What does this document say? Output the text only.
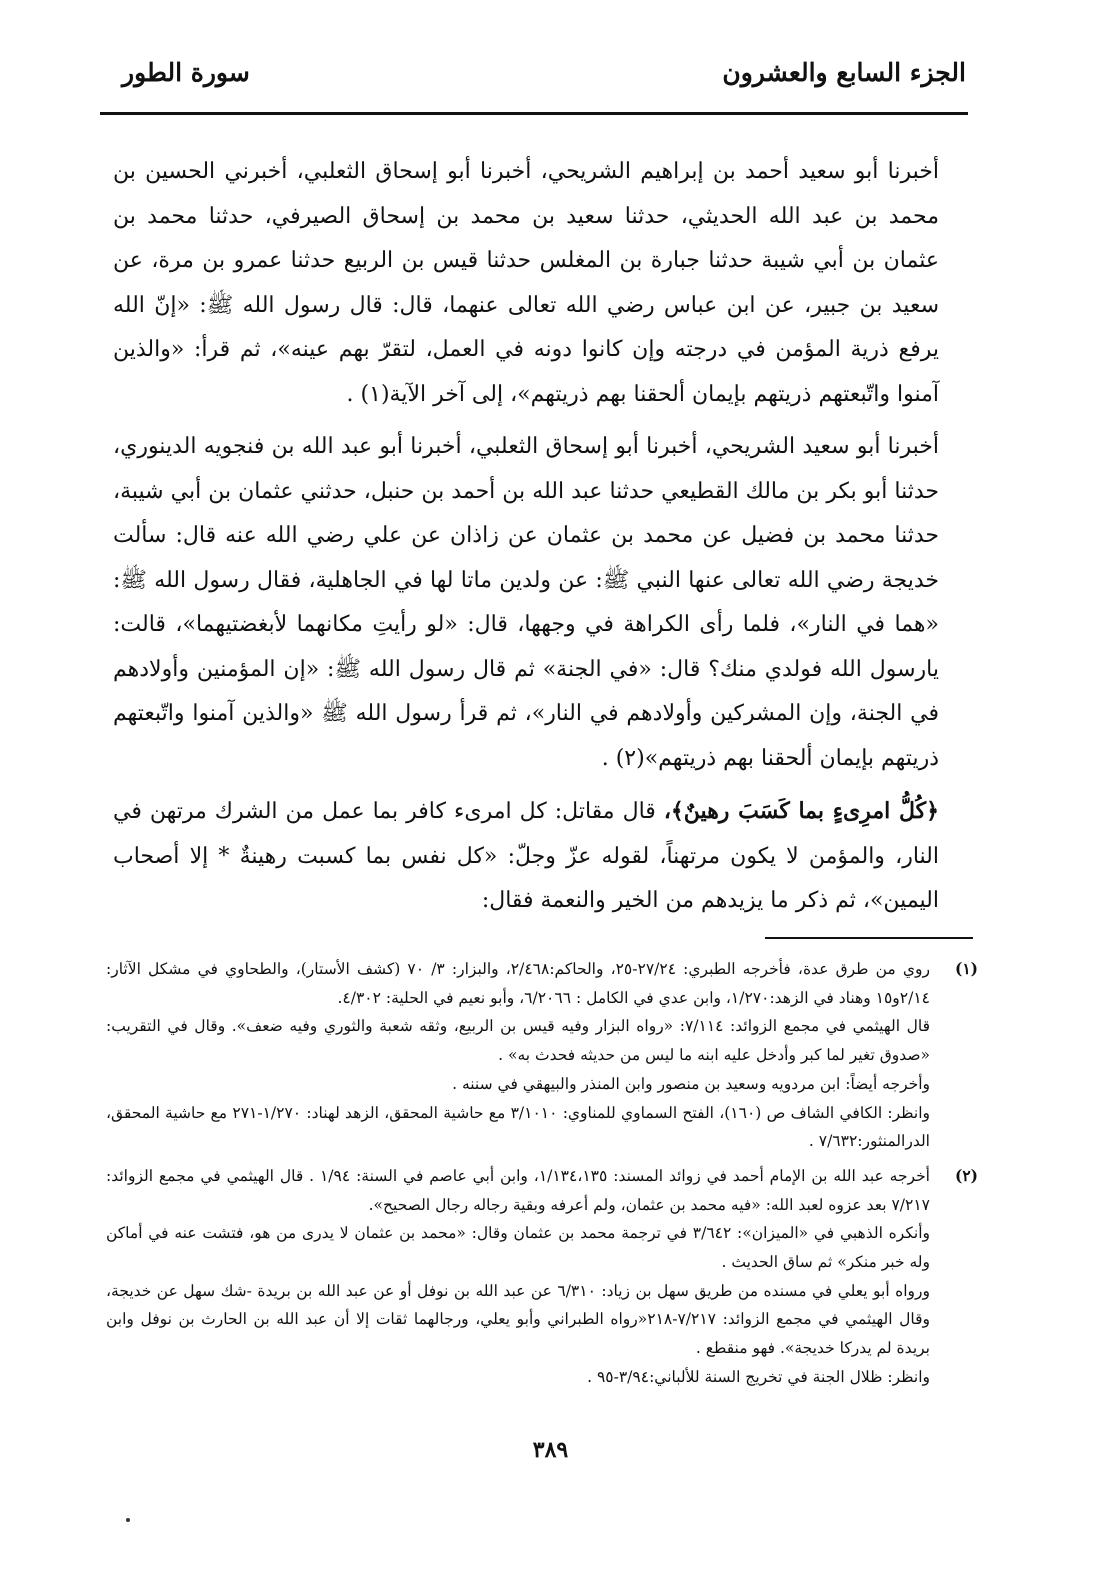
الجزء السابع والعشرون
سورة الطور

أخبرنا أبو سعيد أحمد بن إبراهيم الشريحي، أخبرنا أبو إسحاق الثعلبي، أخبرني الحسين بن محمد بن عبد الله الحديثي، حدثنا سعيد بن محمد بن إسحاق الصيرفي، حدثنا محمد بن عثمان بن أبي شيبة حدثنا جبارة بن المغلس حدثنا قيس بن الربيع حدثنا عمرو بن مرة، عن سعيد بن جبير، عن ابن عباس رضي الله تعالى عنهما، قال: قال رسول الله ﷺ: «إنّ الله يرفع ذرية المؤمن في درجته وإن كانوا دونه في العمل، لتقرّ بهم عينه»، ثم قرأ: «والذين آمنوا واتّبعتهم ذريتهم بإيمان ألحقنا بهم ذريتهم»، إلى آخر الآية(١) .

أخبرنا أبو سعيد الشريحي، أخبرنا أبو إسحاق الثعلبي، أخبرنا أبو عبد الله بن فنجويه الدينوري، حدثنا أبو بكر بن مالك القطيعي حدثنا عبد الله بن أحمد بن حنبل، حدثني عثمان بن أبي شيبة، حدثنا محمد بن فضيل عن محمد بن عثمان عن زاذان عن علي رضي الله عنه قال: سألت خديجة رضي الله تعالى عنها النبي ﷺ: عن ولدين ماتا لها في الجاهلية، فقال رسول الله ﷺ: «هما في النار»، فلما رأى الكراهة في وجهها، قال: «لو رأيتِ مكانهما لأبغضتيهما»، قالت: يارسول الله فولدي منك؟ قال: «في الجنة» ثم قال رسول الله ﷺ: «إن المؤمنين وأولادهم في الجنة، وإن المشركين وأولادهم في النار»، ثم قرأ رسول الله ﷺ «والذين آمنوا واتّبعتهم ذريتهم بإيمان ألحقنا بهم ذريتهم»(٢) .

﴿كُلُّ امرِىءٍ بما كَسَبَ رهينٌ﴾، قال مقاتل: كل امرىء كافر بما عمل من الشرك مرتهن في النار، والمؤمن لا يكون مرتهناً، لقوله عزّ وجلّ: «كل نفس بما كسبت رهينةٌ * إلا أصحاب اليمين»، ثم ذكر ما يزيدهم من الخير والنعمة فقال:

(١)
روي من طرق عدة، فأخرجه الطبري: ٢٧/٢٤-٢٥، والحاكم:٢/٤٦٨، والبزار: ٣/ ٧٠ (كشف الأستار)، والطحاوي في مشكل الآثار: ٢/١٤و١٥ وهناد في الزهد:١/٢٧٠، وابن عدي في الكامل : ٦/٢٠٦٦، وأبو نعيم في الحلية: ٤/٣٠٢.
قال الهيثمي في مجمع الزوائد: ٧/١١٤: «رواه البزار وفيه قيس بن الربيع، وثقه شعبة والثوري وفيه ضعف». وقال في التقريب: «صدوق تغير لما كبر وأدخل عليه ابنه ما ليس من حديثه فحدث به» .
وأخرجه أيضاً: ابن مردويه وسعيد بن منصور وابن المنذر والبيهقي في سننه .
وانظر: الكافي الشاف ص (١٦٠)، الفتح السماوي للمناوي: ٣/١٠١٠ مع حاشية المحقق، الزهد لهناد: ١/٢٧٠-٢٧١ مع حاشية المحقق، الدرالمنثور:٧/٦٣٢ .
(٢)
أخرجه عبد الله بن الإمام أحمد في زوائد المسند: ١/١٣٤،١٣٥، وابن أبي عاصم في السنة: ١/٩٤ . قال الهيثمي في مجمع الزوائد: ٧/٢١٧ بعد عزوه لعبد الله: «فيه محمد بن عثمان، ولم أعرفه وبقية رجاله رجال الصحيح».
وأنكره الذهبي في «الميزان»: ٣/٦٤٢ في ترجمة محمد بن عثمان وقال: «محمد بن عثمان لا يدرى من هو، فتشت عنه في أماكن وله خبر منكر» ثم ساق الحديث .
ورواه أبو يعلي في مسنده من طريق سهل بن زياد: ٦/٣١٠ عن عبد الله بن نوفل أو عن عبد الله بن بريدة -شك سهل عن خديجة، وقال الهيثمي في مجمع الزوائد: ٧/٢١٧-٢١٨«رواه الطبراني وأبو يعلي، ورجالهما ثقات إلا أن عبد الله بن الحارث بن نوفل وابن بريدة لم يدركا خديجة». فهو منقطع .
وانظر: ظلال الجنة في تخريج السنة للألباني:٣/٩٤-٩٥ .
٣٨٩
